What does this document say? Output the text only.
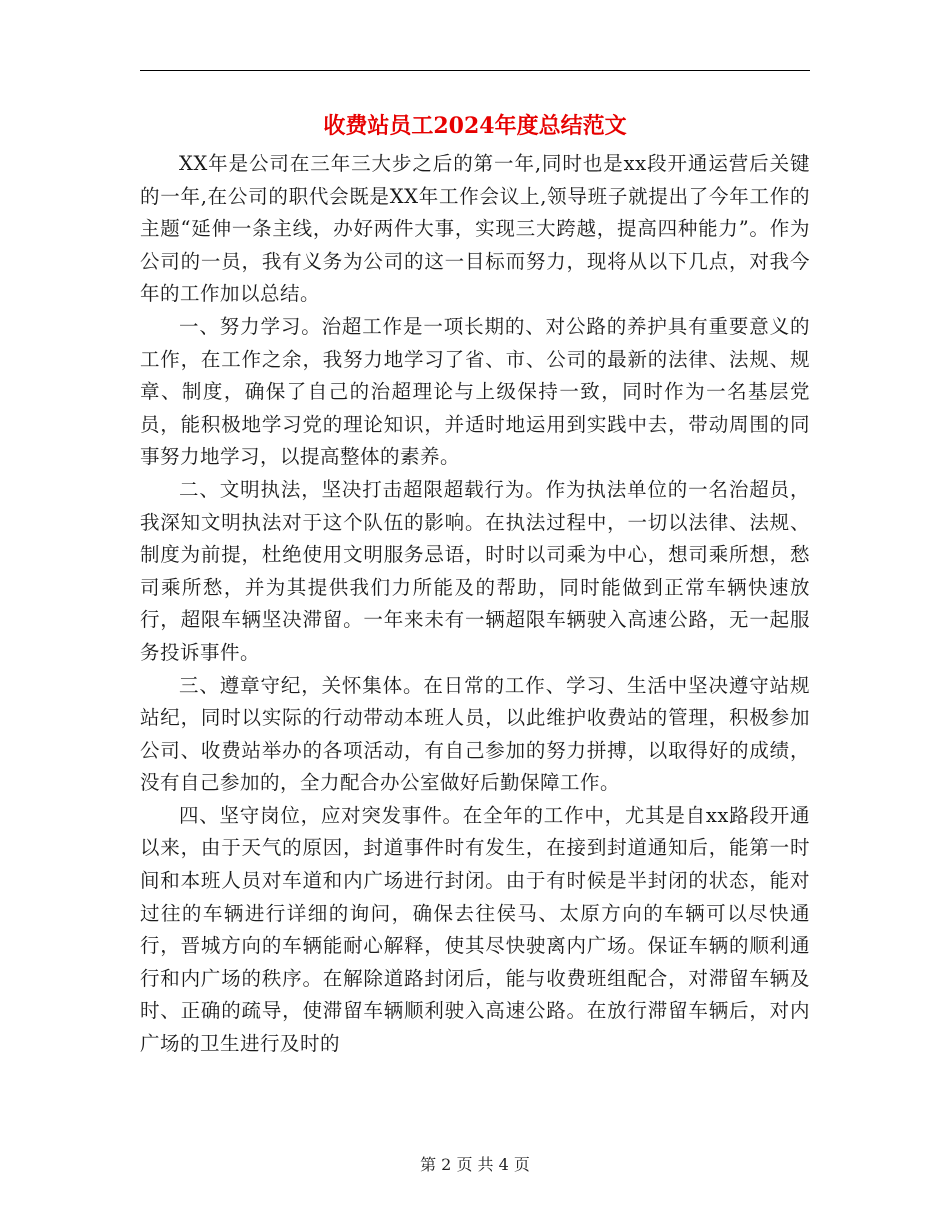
收费站员工2024年度总结范文

XX年是公司在三年三大步之后的第一年,同时也是xx段开通运营后关键的一年,在公司的职代会既是XX年工作会议上,领导班子就提出了今年工作的主题“延伸一条主线，办好两件大事，实现三大跨越，提高四种能力”。作为公司的一员，我有义务为公司的这一目标而努力，现将从以下几点，对我今年的工作加以总结。

一、努力学习。治超工作是一项长期的、对公路的养护具有重要意义的工作，在工作之余，我努力地学习了省、市、公司的最新的法律、法规、规章、制度，确保了自己的治超理论与上级保持一致，同时作为一名基层党员，能积极地学习党的理论知识，并适时地运用到实践中去，带动周围的同事努力地学习，以提高整体的素养。

二、文明执法，坚决打击超限超载行为。作为执法单位的一名治超员，我深知文明执法对于这个队伍的影响。在执法过程中，一切以法律、法规、制度为前提，杜绝使用文明服务忌语，时时以司乘为中心，想司乘所想，愁司乘所愁，并为其提供我们力所能及的帮助，同时能做到正常车辆快速放行，超限车辆坚决滞留。一年来未有一辆超限车辆驶入高速公路，无一起服务投诉事件。

三、遵章守纪，关怀集体。在日常的工作、学习、生活中坚决遵守站规站纪，同时以实际的行动带动本班人员，以此维护收费站的管理，积极参加公司、收费站举办的各项活动，有自己参加的努力拼搏，以取得好的成绩，没有自己参加的，全力配合办公室做好后勤保障工作。

四、坚守岗位，应对突发事件。在全年的工作中，尤其是自xx路段开通以来，由于天气的原因，封道事件时有发生，在接到封道通知后，能第一时间和本班人员对车道和内广场进行封闭。由于有时候是半封闭的状态，能对过往的车辆进行详细的询问，确保去往侯马、太原方向的车辆可以尽快通行，晋城方向的车辆能耐心解释，使其尽快驶离内广场。保证车辆的顺利通行和内广场的秩序。在解除道路封闭后，能与收费班组配合，对滞留车辆及时、正确的疏导，使滞留车辆顺利驶入高速公路。在放行滞留车辆后，对内广场的卫生进行及时的

第 2 页 共 4 页
